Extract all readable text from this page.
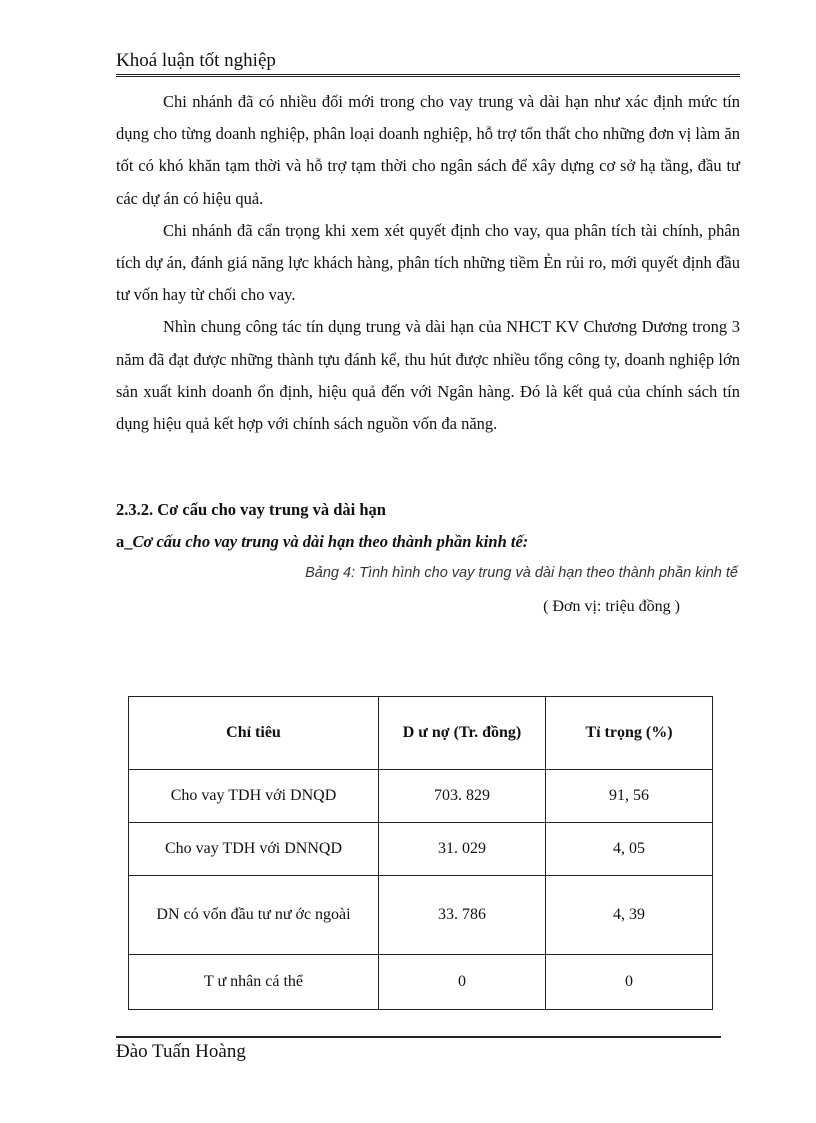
Khoá luận tốt nghiệp

Chi nhánh đã có nhiều đổi mới trong cho vay trung và dài hạn như xác định mức tín dụng cho từng doanh nghiệp, phân loại doanh nghiệp, hỗ trợ tổn thất cho những đơn vị làm ăn tốt có khó khăn tạm thời và hỗ trợ tạm thời cho ngân sách để xây dựng cơ sở hạ tầng, đầu tư các dự án có hiệu quả.

Chi nhánh đã cẩn trọng khi xem xét quyết định cho vay, qua phân tích tài chính, phân tích dự án, đánh giá năng lực khách hàng, phân tích những tiềm Ẻn rủi ro, mới quyết định đầu tư vốn hay từ chối cho vay.

Nhìn chung công tác tín dụng trung và dài hạn của NHCT KV Chương Dương trong 3 năm đã đạt được những thành tựu đánh kể, thu hút được nhiều tổng công ty, doanh nghiệp lớn sản xuất kinh doanh ổn định, hiệu quả đến với Ngân hàng. Đó là kết quả của chính sách tín dụng hiệu quả kết hợp với chính sách nguồn vốn đa năng.

2.3.2. Cơ cấu cho vay trung và dài hạn
a_Cơ cấu cho vay trung và dài hạn theo thành phần kinh tế:
Bảng 4: Tình hình cho vay trung và dài hạn theo thành phần kinh tế
( Đơn vị: triệu đồng )
Chỉ tiêu	D ư nợ (Tr. đồng)	Tỉ trọng (%)
Cho vay TDH với DNQD	703. 829	91, 56
Cho vay TDH với DNNQD	31. 029	4, 05
DN có vốn đầu tư nư ớc ngoài	33. 786	4, 39
T ư nhân cá thể	0	0
Đào Tuấn Hoàng
